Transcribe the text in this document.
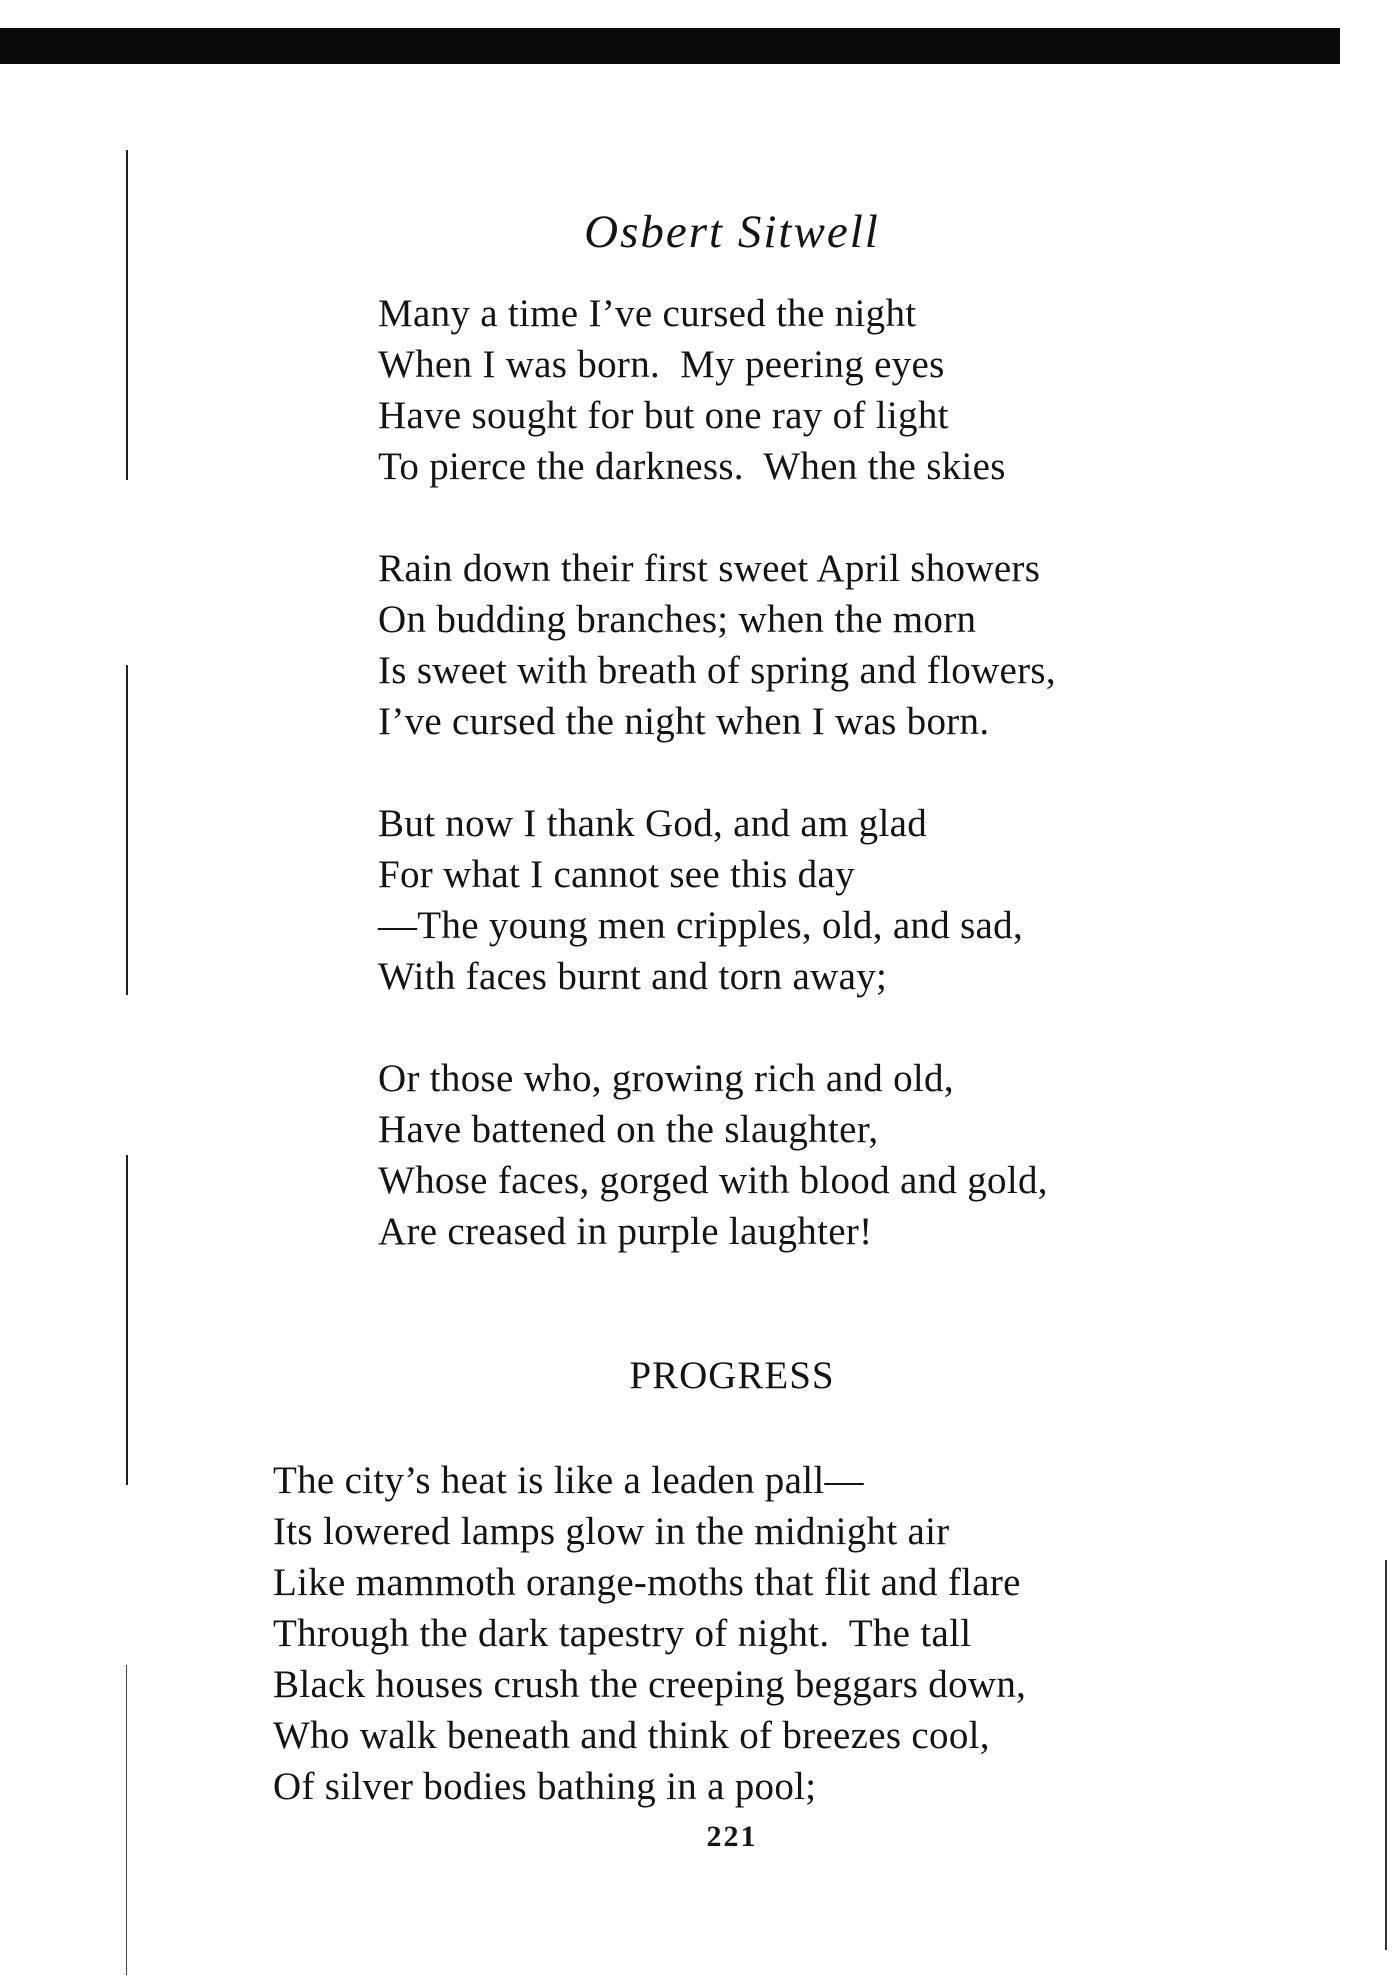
Osbert Sitwell
Many a time I’ve cursed the night
When I was born.  My peering eyes
Have sought for but one ray of light
To pierce the darkness.  When the skies
Rain down their first sweet April showers
On budding branches; when the morn
Is sweet with breath of spring and flowers,
I’ve cursed the night when I was born.
But now I thank God, and am glad
For what I cannot see this day
—The young men cripples, old, and sad,
With faces burnt and torn away;
Or those who, growing rich and old,
Have battened on the slaughter,
Whose faces, gorged with blood and gold,
Are creased in purple laughter!
PROGRESS
The city’s heat is like a leaden pall—
Its lowered lamps glow in the midnight air
Like mammoth orange-moths that flit and flare
Through the dark tapestry of night.  The tall
Black houses crush the creeping beggars down,
Who walk beneath and think of breezes cool,
Of silver bodies bathing in a pool;
221
